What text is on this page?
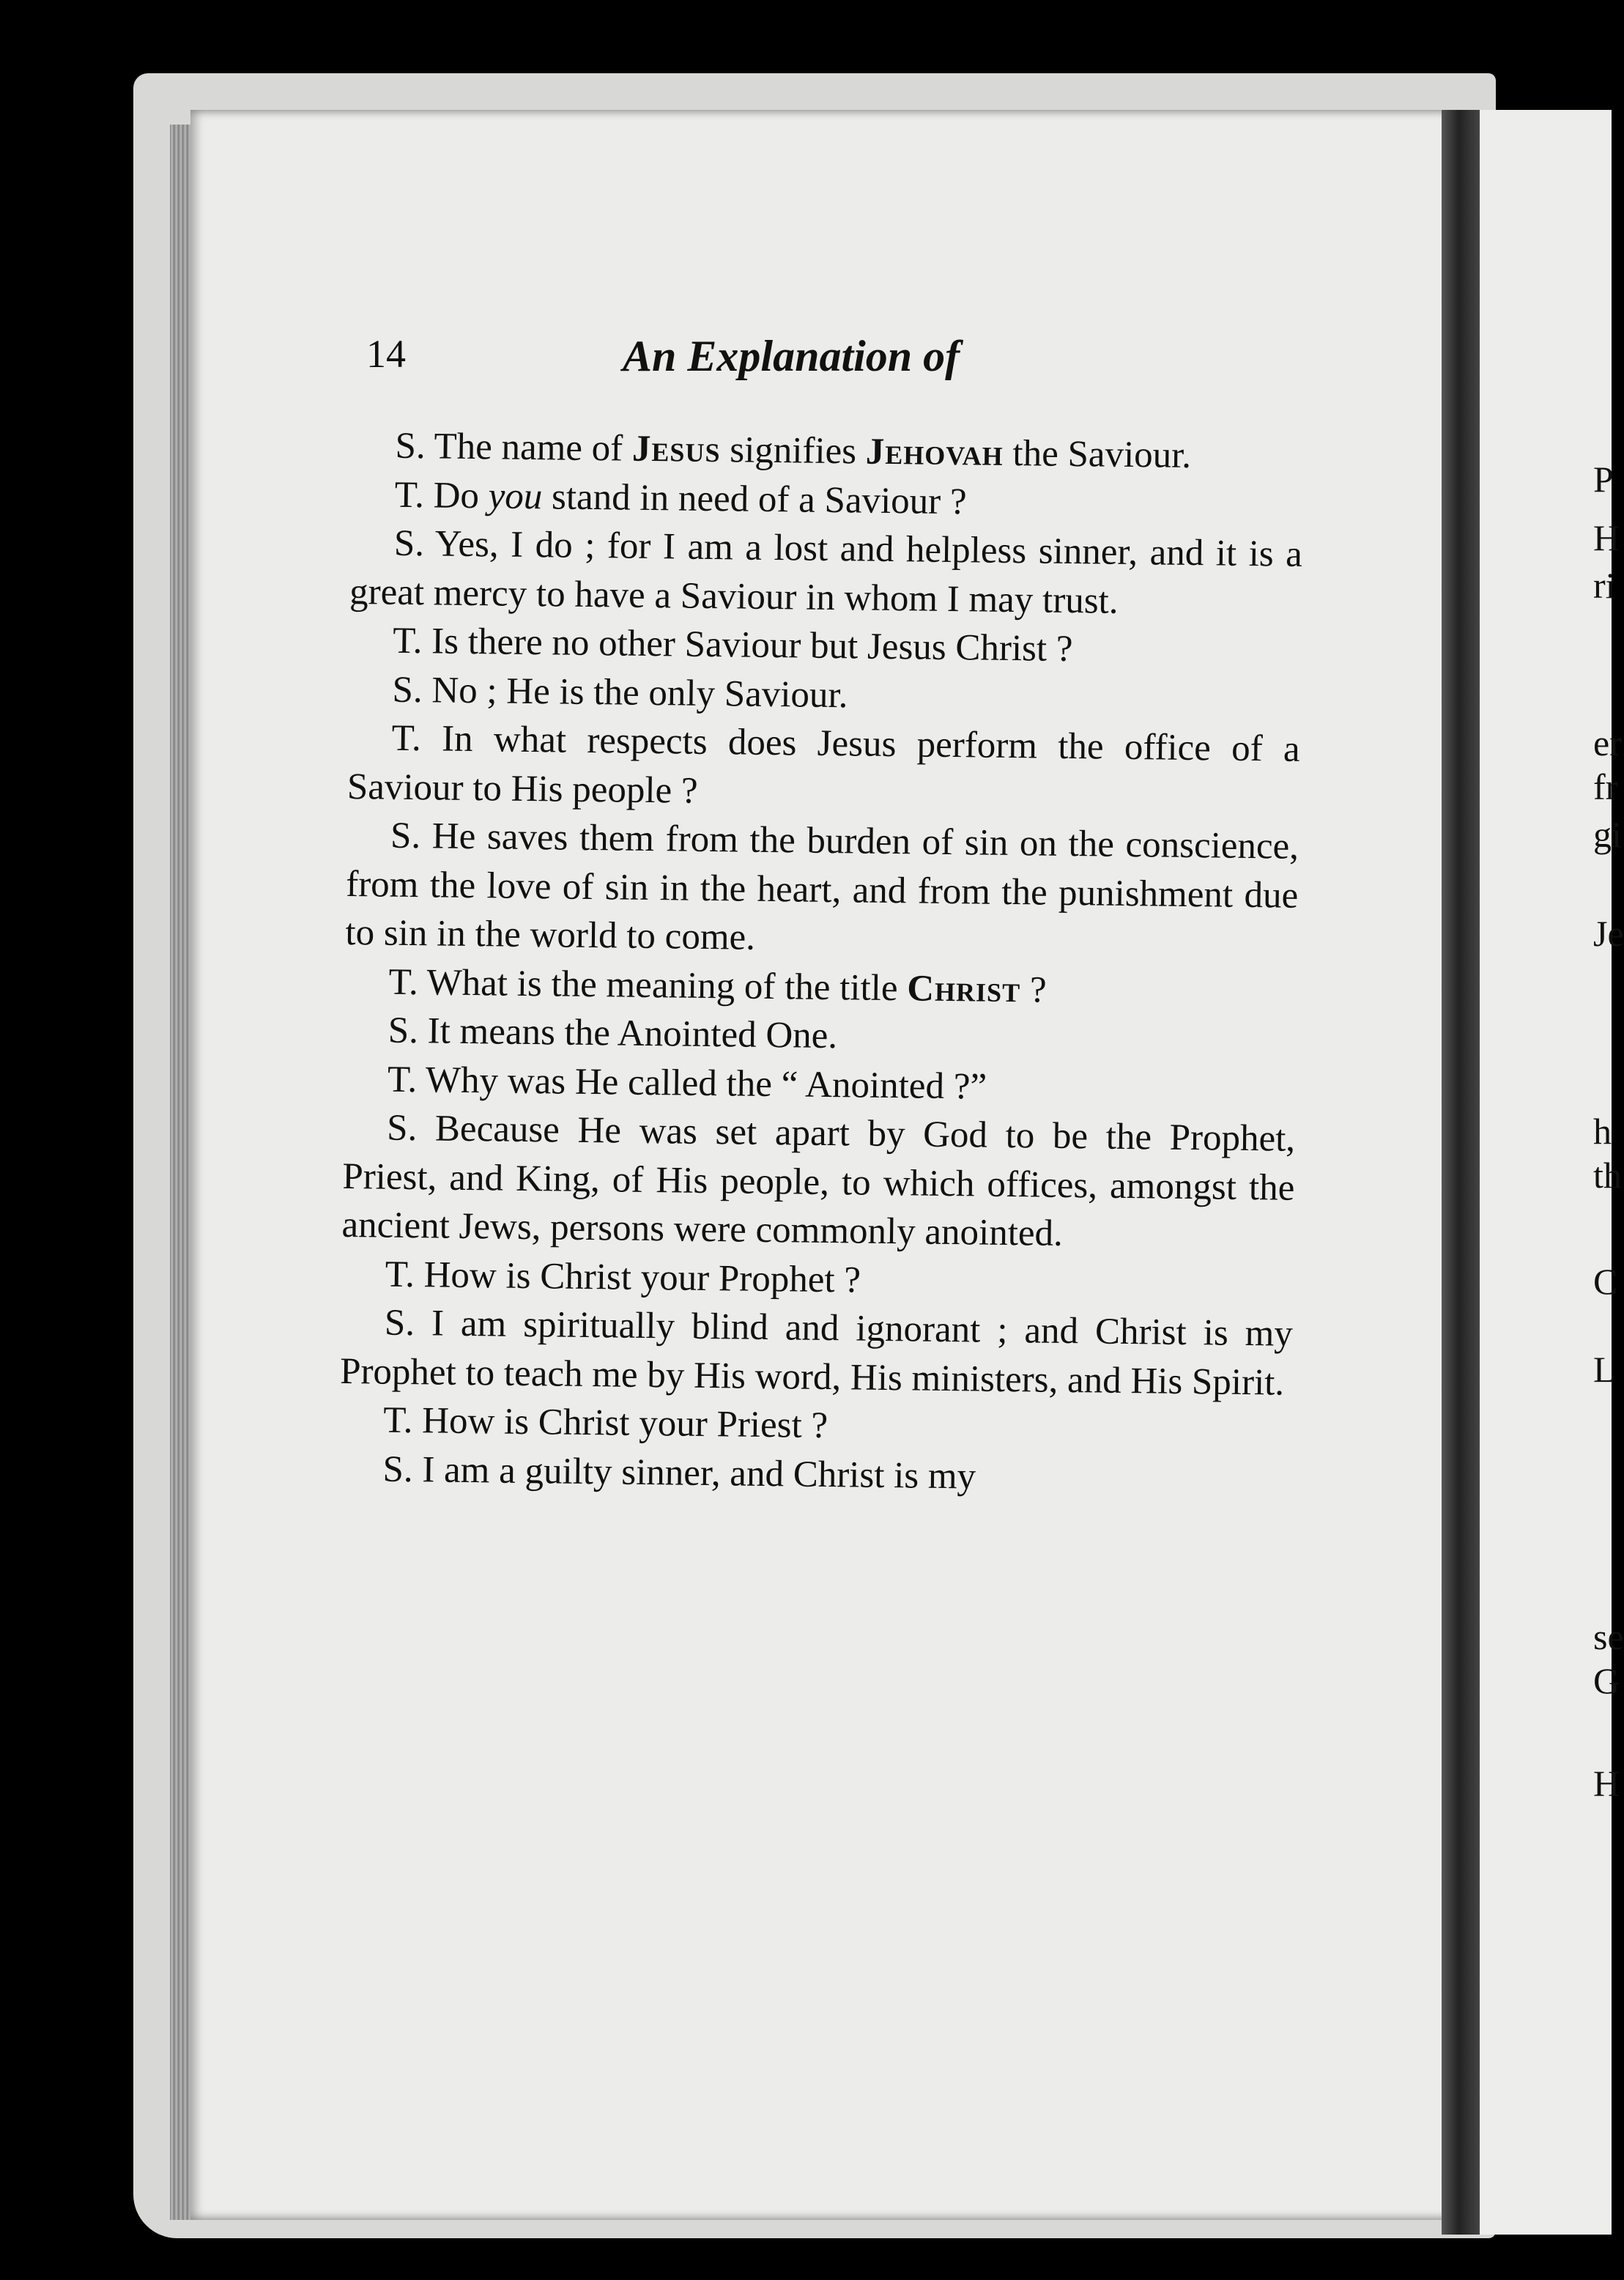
P
H
ri
er
fr
gi
Je
h
th
C
L
se
G
H
14	An Explanation of

S. The name of Jesus signifies Jehovah the Saviour.

T. Do you stand in need of a Saviour ?

S. Yes, I do ; for I am a lost and helpless sinner, and it is a great mercy to have a Saviour in whom I may trust.

T. Is there no other Saviour but Jesus Christ ?

S. No ; He is the only Saviour.

T. In what respects does Jesus perform the office of a Saviour to His people ?

S. He saves them from the burden of sin on the conscience, from the love of sin in the heart, and from the punishment due to sin in the world to come.

T. What is the meaning of the title Christ ?

S. It means the Anointed One.

T. Why was He called the “ Anointed ?”

S. Because He was set apart by God to be the Prophet, Priest, and King, of His people, to which offices, amongst the ancient Jews, persons were commonly anointed.

T. How is Christ your Prophet ?

S. I am spiritually blind and ignorant ; and Christ is my Prophet to teach me by His word, His ministers, and His Spirit.

T. How is Christ your Priest ?

S. I am a guilty sinner, and Christ is my
